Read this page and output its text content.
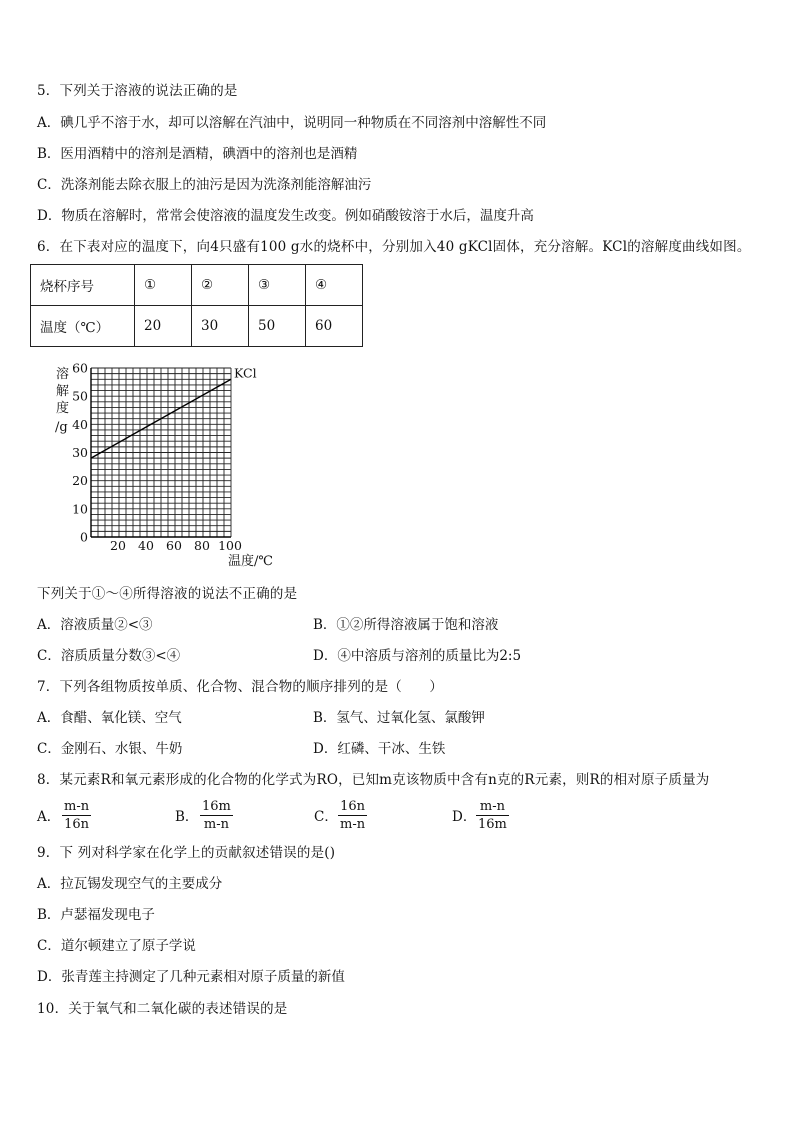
5．下列关于溶液的说法正确的是
A．碘几乎不溶于水，却可以溶解在汽油中，说明同一种物质在不同溶剂中溶解性不同
B．医用酒精中的溶剂是酒精，碘酒中的溶剂也是酒精
C．洗涤剂能去除衣服上的油污是因为洗涤剂能溶解油污
D．物质在溶解时，常常会使溶液的温度发生改变。例如硝酸铵溶于水后，温度升高
6．在下表对应的温度下，向4只盛有100 g水的烧杯中，分别加入40 gKCl固体，充分溶解。KCl的溶解度曲线如图。
烧杯序号	①	②	③	④
温度（℃）	20	30	50	60
0
10
20
30
40
50
60
20 40 60 80 100
KCl
溶
解
度
/g
温度/℃
下列关于①～④所得溶液的说法不正确的是
A．溶液质量②<③	B．①②所得溶液属于饱和溶液
C．溶质质量分数③<④	D．④中溶质与溶剂的质量比为2:5
7．下列各组物质按单质、化合物、混合物的顺序排列的是（　　）
A．食醋、氧化镁、空气	B．氢气、过氧化氢、氯酸钾
C．金刚石、水银、牛奶	D．红磷、干冰、生铁
8．某元素R和氧元素形成的化合物的化学式为RO，已知m克该物质中含有n克的R元素，则R的相对原子质量为
A． $\frac{m-n}{16n}$	B． $\frac{16m}{m-n}$	C． $\frac{16n}{m-n}$	D． $\frac{m-n}{16m}$
9．下 列对科学家在化学上的贡献叙述错误的是()
A．拉瓦锡发现空气的主要成分
B．卢瑟福发现电子
C．道尔顿建立了原子学说
D．张青莲主持测定了几种元素相对原子质量的新值
10．关于氧气和二氧化碳的表述错误的是
